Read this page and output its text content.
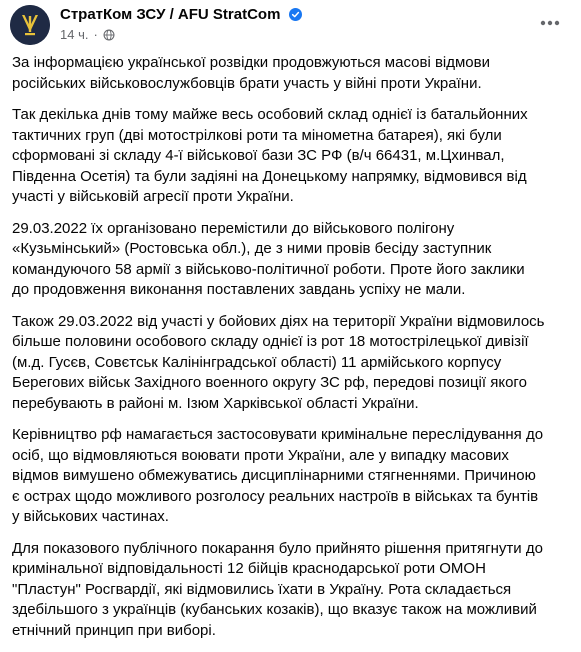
СтратКом ЗСУ / AFU StratCom
14 ч. ·

За інформацією української розвідки продовжуються масові відмови
російських військовослужбовців брати участь у війні проти України.

Так декілька днів тому майже весь особовий склад однієї із батальйонних
тактичних груп (дві мотострілкові роти та мінометна батарея), які були
сформовані зі складу 4-ї військової бази ЗС РФ (в/ч 66431, м.Цхинвал,
Південна Осетія) та були задіяні на Донецькому напрямку, відмовився від
участі у військовій агресії проти України.

29.03.2022 їх організовано перемістили до військового полігону
«Кузьмінський» (Ростовська обл.), де з ними провів бесіду заступник
командуючого 58 армії з військово-політичної роботи. Проте його заклики
до продовження виконання поставлених завдань успіху не мали.

Також 29.03.2022 від участі у бойових діях на території України відмовилось
більше половини особового складу однієї із рот 18 мотострілецької дивізії
(м.д. Гусєв, Совєтськ Калінінградської області) 11 армійського корпусу
Берегових військ Західного военного округу ЗС рф, передові позиції якого
перебувають в районі м. Ізюм Харківської області України.

Керівництво рф намагається застосовувати кримінальне переслідування до
осіб, що відмовляються воювати проти України, але у випадку масових
відмов вимушено обмежуватись дисциплінарними стягненнями. Причиною
є острах щодо можливого розголосу реальних настроїв в військах та бунтів
у військових частинах.

Для показового публічного покарання було прийнято рішення притягнути до
кримінальної відповідальності 12 бійців краснодарської роти ОМОН
"Пластун" Росгвардії, які відмовились їхати в Україну. Рота складається
здебільшого з українців (кубанських козаків), що вказує також на можливий
етнічний принцип при виборі.
